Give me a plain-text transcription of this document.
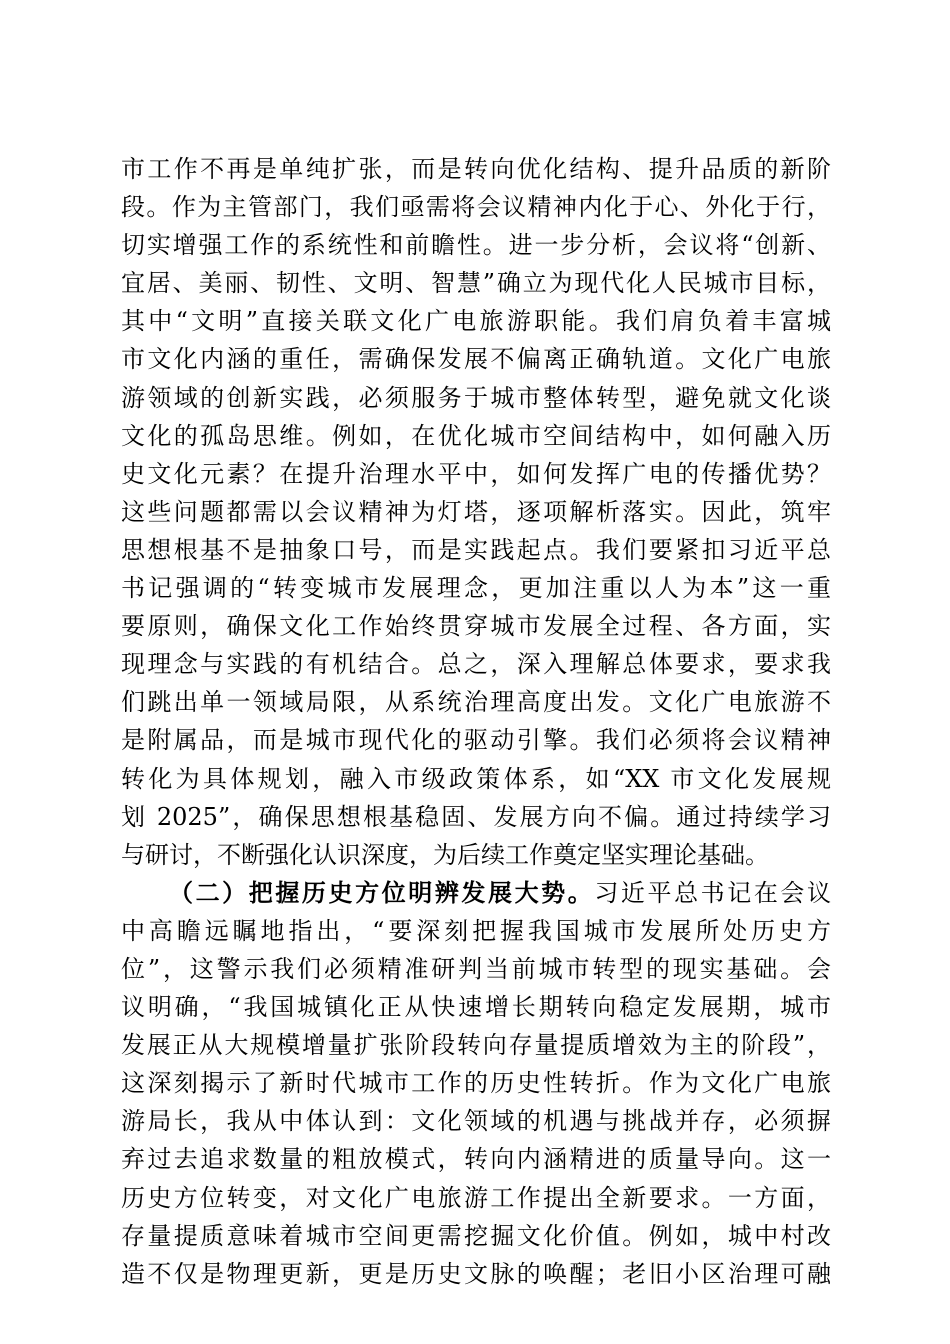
市工作不再是单纯扩张，而是转向优化结构、提升品质的新阶
段。作为主管部门，我们亟需将会议精神内化于心、外化于行，
切实增强工作的系统性和前瞻性。进一步分析，会议将“创新、
宜居、美丽、韧性、文明、智慧”确立为现代化人民城市目标，
其中“文明”直接关联文化广电旅游职能。我们肩负着丰富城
市文化内涵的重任，需确保发展不偏离正确轨道。文化广电旅
游领域的创新实践，必须服务于城市整体转型，避免就文化谈
文化的孤岛思维。例如，在优化城市空间结构中，如何融入历
史文化元素？在提升治理水平中，如何发挥广电的传播优势？
这些问题都需以会议精神为灯塔，逐项解析落实。因此，筑牢
思想根基不是抽象口号，而是实践起点。我们要紧扣习近平总
书记强调的“转变城市发展理念，更加注重以人为本”这一重
要原则，确保文化工作始终贯穿城市发展全过程、各方面，实
现理念与实践的有机结合。总之，深入理解总体要求，要求我
们跳出单一领域局限，从系统治理高度出发。文化广电旅游不
是附属品，而是城市现代化的驱动引擎。我们必须将会议精神
转化为具体规划，融入市级政策体系，如“XX 市文化发展规
划 2025”，确保思想根基稳固、发展方向不偏。通过持续学习
与研讨，不断强化认识深度，为后续工作奠定坚实理论基础。
（二）把握历史方位明辨发展大势。习近平总书记在会议
中高瞻远瞩地指出，“要深刻把握我国城市发展所处历史方
位”，这警示我们必须精准研判当前城市转型的现实基础。会
议明确，“我国城镇化正从快速增长期转向稳定发展期，城市
发展正从大规模增量扩张阶段转向存量提质增效为主的阶段”，
这深刻揭示了新时代城市工作的历史性转折。作为文化广电旅
游局长，我从中体认到：文化领域的机遇与挑战并存，必须摒
弃过去追求数量的粗放模式，转向内涵精进的质量导向。这一
历史方位转变，对文化广电旅游工作提出全新要求。一方面，
存量提质意味着城市空间更需挖掘文化价值。例如，城中村改
造不仅是物理更新，更是历史文脉的唤醒；老旧小区治理可融
